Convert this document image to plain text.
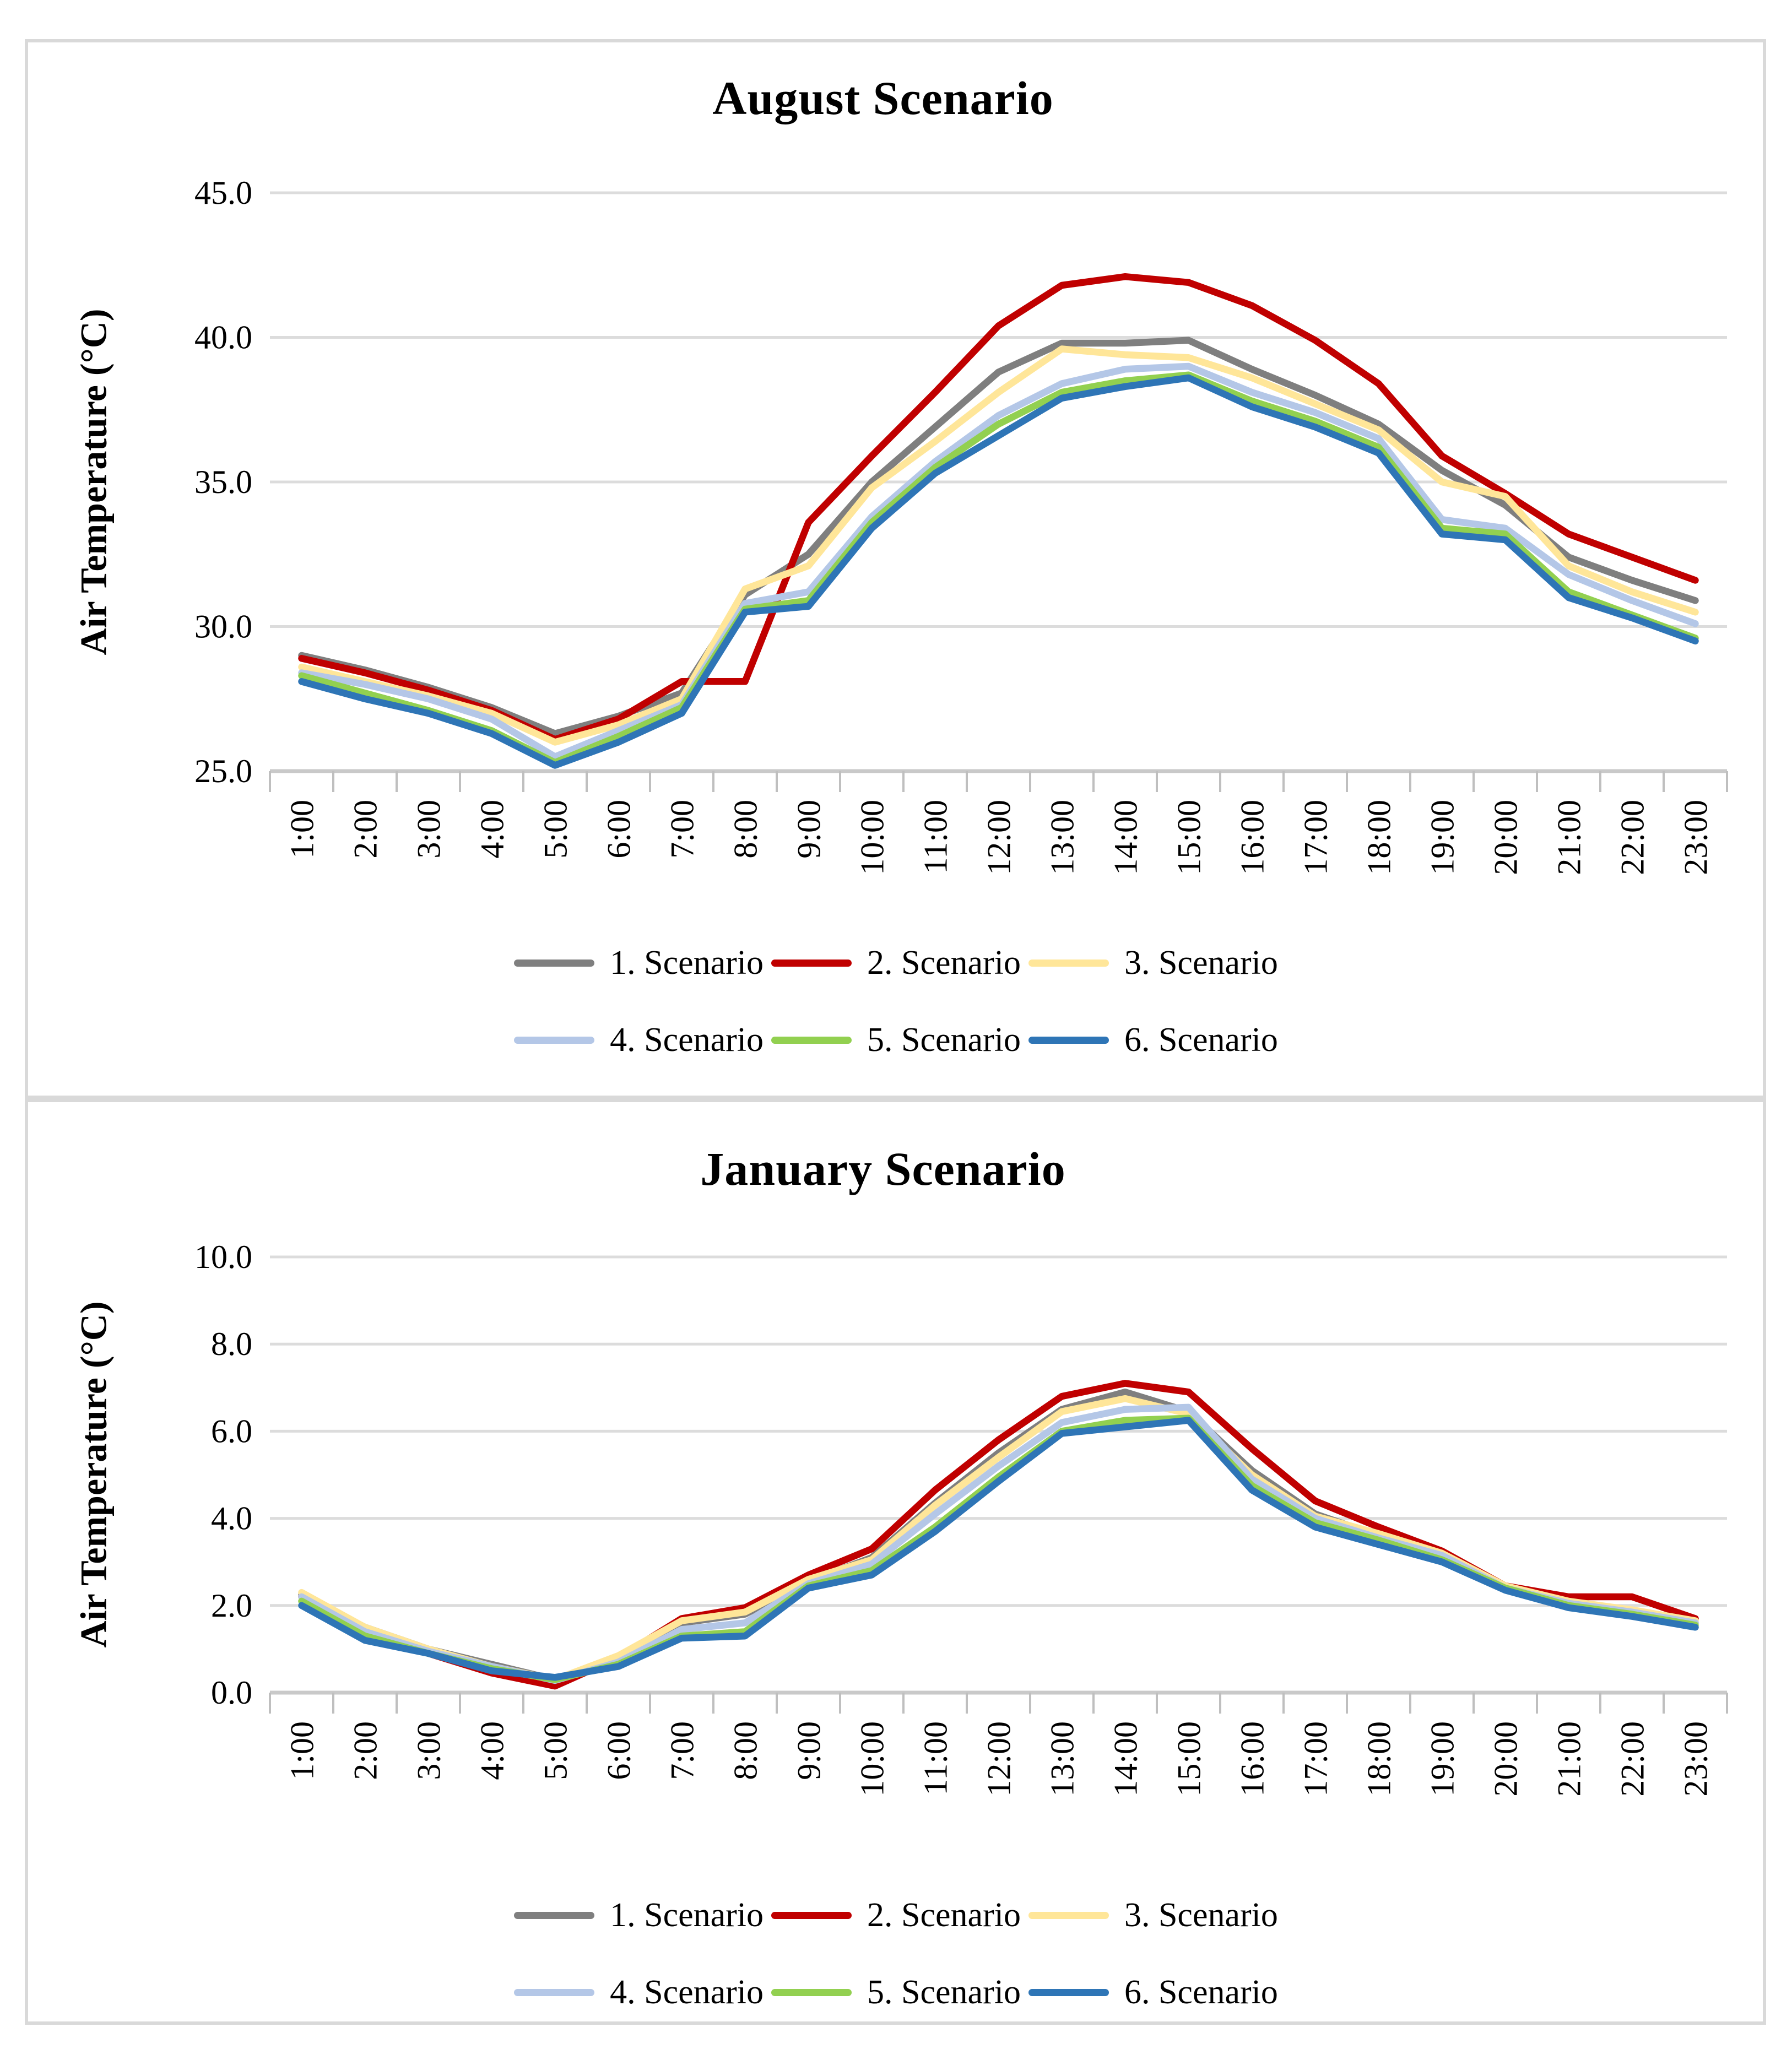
45.0
40.0
35.0
30.0
25.0
1:00 2:00 3:00 4:00 5:00 6:00 7:00 8:00 9:00 10:00 11:00 12:00 13:00 14:00 15:00 16:00 17:00 18:00 19:00 20:00 21:00 22:00 23:00
10.0
8.0
6.0
4.0
2.0
0.0
1:00 2:00 3:00 4:00 5:00 6:00 7:00 8:00 9:00 10:00 11:00 12:00 13:00 14:00 15:00 16:00 17:00 18:00 19:00 20:00 21:00 22:00 23:00
August Scenario
January Scenario
Air Temperature (°C)
Air Temperature (°C)
1. Scenario	2. Scenario	3. Scenario
4. Scenario	5. Scenario	6. Scenario
1. Scenario	2. Scenario	3. Scenario
4. Scenario	5. Scenario	6. Scenario
